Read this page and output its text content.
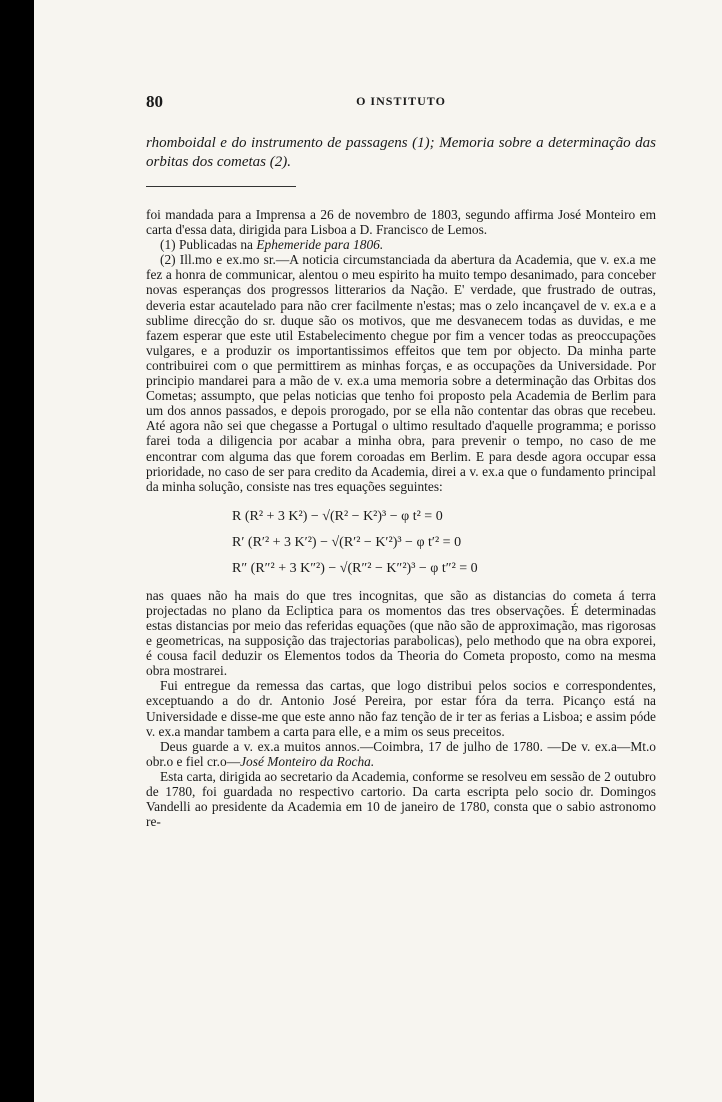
80	O INSTITUTO
rhomboidal e do instrumento de passagens (1); Memoria sobre a determinação das orbitas dos cometas (2).

foi mandada para a Imprensa a 26 de novembro de 1803, segundo affirma José Monteiro em carta d'essa data, dirigida para Lisboa a D. Francisco de Lemos.

(1) Publicadas na Ephemeride para 1806.

(2) Ill.mo e ex.mo sr.—A noticia circumstanciada da abertura da Academia, que v. ex.a me fez a honra de communicar, alentou o meu espirito ha muito tempo desanimado, para conceber novas esperanças dos progressos litterarios da Nação. E' verdade, que frustrado de outras, deveria estar acautelado para não crer facilmente n'estas; mas o zelo incançavel de v. ex.a e a sublime direcção do sr. duque são os motivos, que me desvanecem todas as duvidas, e me fazem esperar que este util Estabelecimento chegue por fim a vencer todas as preoccupações vulgares, e a produzir os importantissimos effeitos que tem por objecto. Da minha parte contribuirei com o que permittirem as minhas forças, e as occupações da Universidade. Por principio mandarei para a mão de v. ex.a uma memoria sobre a determinação das Orbitas dos Cometas; assumpto, que pelas noticias que tenho foi proposto pela Academia de Berlim para um dos annos passados, e depois prorogado, por se ella não contentar das obras que recebeu. Até agora não sei que chegasse a Portugal o ultimo resultado d'aquelle programma; e porisso farei toda a diligencia por acabar a minha obra, para prevenir o tempo, no caso de me encontrar com alguma das que forem coroadas em Berlim. E para desde agora occupar essa prioridade, no caso de ser para credito da Academia, direi a v. ex.a que o fundamento principal da minha solução, consiste nas tres equações seguintes:

R (R² + 3 K²) − √(R² − K²)³ − φ t² = 0
R′ (R′² + 3 K′²) − √(R′² − K′²)³ − φ t′² = 0
R″ (R″² + 3 K″²) − √(R″² − K″²)³ − φ t″² = 0

nas quaes não ha mais do que tres incognitas, que são as distancias do cometa á terra projectadas no plano da Ecliptica para os momentos das tres observações. É determinadas estas distancias por meio das referidas equações (que não são de approximação, mas rigorosas e geometricas, na supposição das trajectorias parabolicas), pelo methodo que na obra exporei, é cousa facil deduzir os Elementos todos da Theoria do Cometa proposto, como na mesma obra mostrarei.

Fui entregue da remessa das cartas, que logo distribui pelos socios e correspondentes, exceptuando a do dr. Antonio José Pereira, por estar fóra da terra. Picanço está na Universidade e disse-me que este anno não faz tenção de ir ter as ferias a Lisboa; e assim póde v. ex.a mandar tambem a carta para elle, e a mim os seus preceitos.

Deus guarde a v. ex.a muitos annos.—Coimbra, 17 de julho de 1780. —De v. ex.a—Mt.o obr.o e fiel cr.o—José Monteiro da Rocha.

Esta carta, dirigida ao secretario da Academia, conforme se resolveu em sessão de 2 outubro de 1780, foi guardada no respectivo cartorio. Da carta escripta pelo socio dr. Domingos Vandelli ao presidente da Academia em 10 de janeiro de 1780, consta que o sabio astronomo re-
